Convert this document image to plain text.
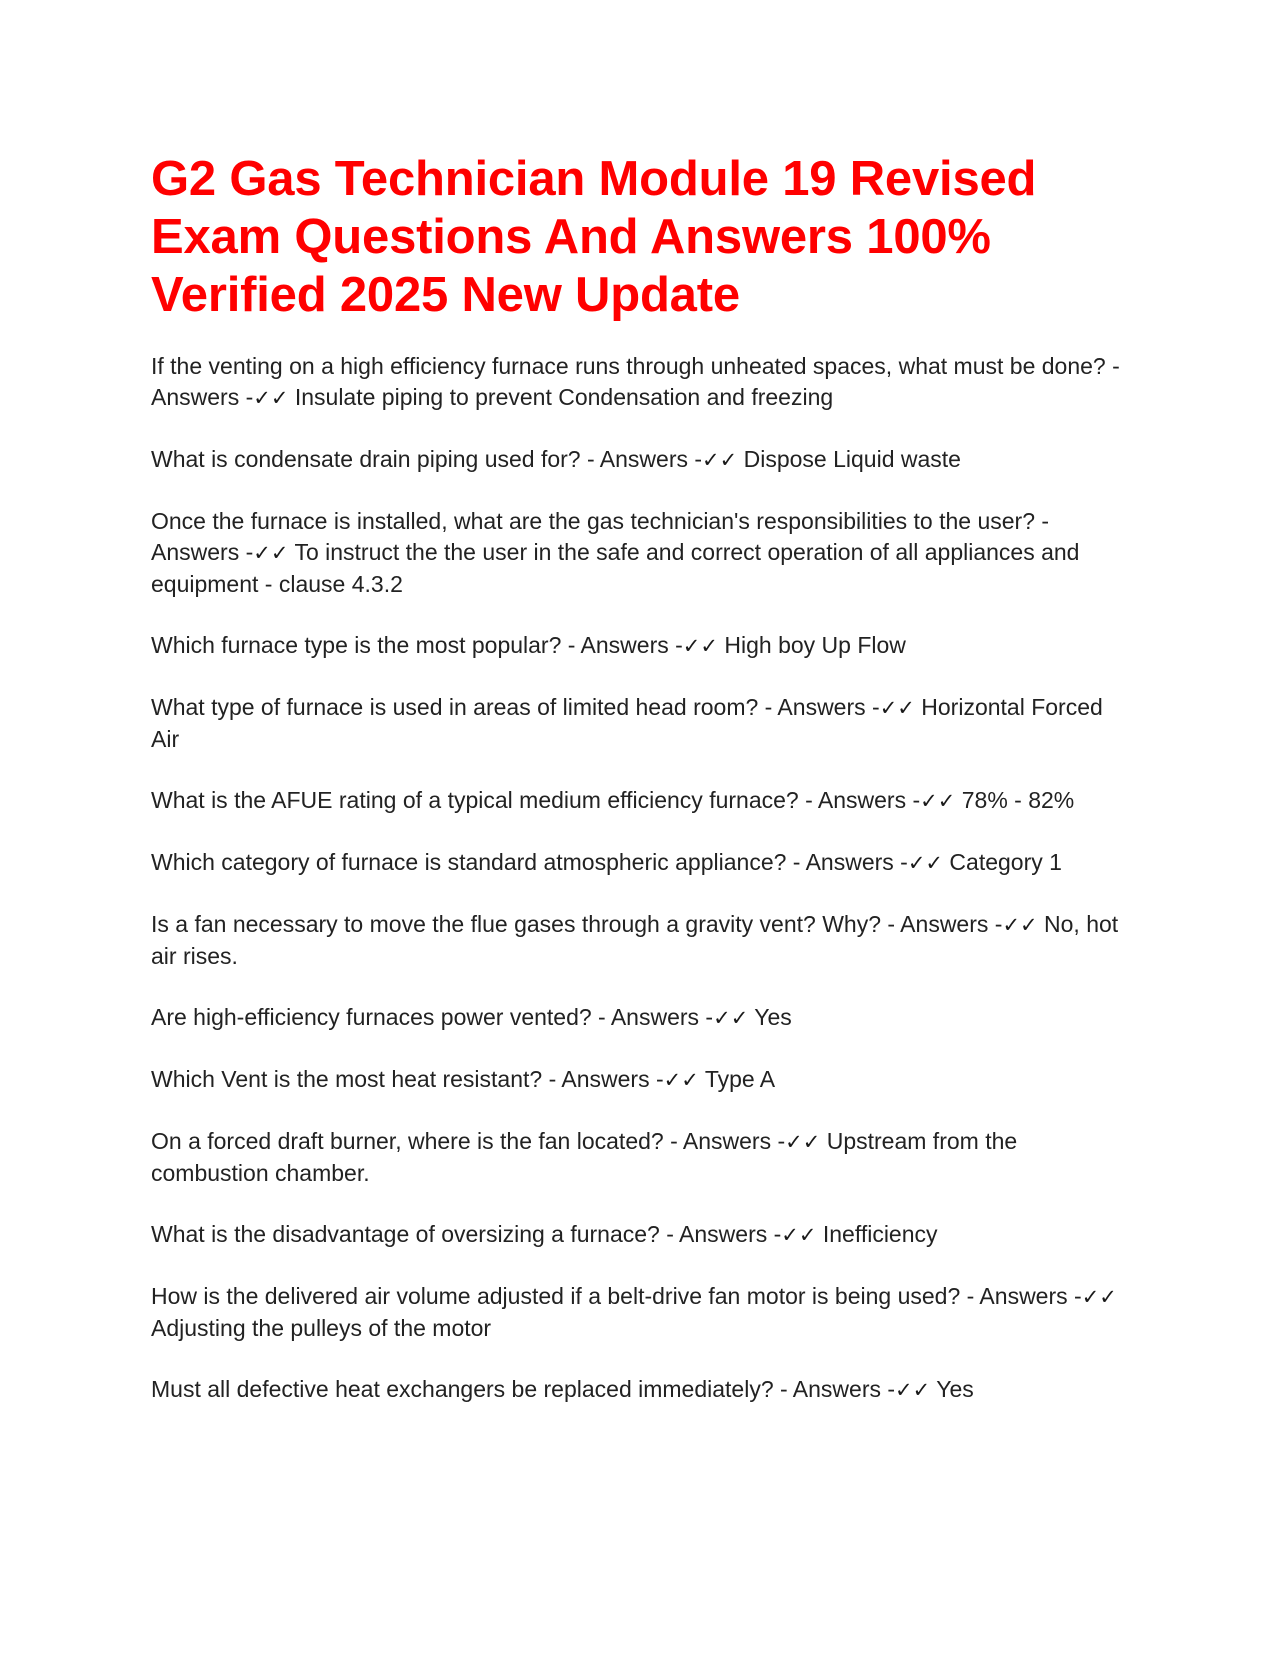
G2 Gas Technician Module 19 Revised Exam Questions And Answers 100% Verified 2025 New Update

If the venting on a high efficiency furnace runs through unheated spaces, what must be done? - Answers -✓✓ Insulate piping to prevent Condensation and freezing

What is condensate drain piping used for? - Answers -✓✓ Dispose Liquid waste

Once the furnace is installed, what are the gas technician's responsibilities to the user? - Answers -✓✓ To instruct the the user in the safe and correct operation of all appliances and equipment - clause 4.3.2

Which furnace type is the most popular? - Answers -✓✓ High boy Up Flow

What type of furnace is used in areas of limited head room? - Answers -✓✓ Horizontal Forced Air

What is the AFUE rating of a typical medium efficiency furnace? - Answers -✓✓ 78% - 82%

Which category of furnace is standard atmospheric appliance? - Answers -✓✓ Category 1

Is a fan necessary to move the flue gases through a gravity vent? Why? - Answers -✓✓ No, hot air rises.

Are high-efficiency furnaces power vented? - Answers -✓✓ Yes

Which Vent is the most heat resistant? - Answers -✓✓ Type A

On a forced draft burner, where is the fan located? - Answers -✓✓ Upstream from the combustion chamber.

What is the disadvantage of oversizing a furnace? - Answers -✓✓ Inefficiency

How is the delivered air volume adjusted if a belt-drive fan motor is being used? - Answers -✓✓ Adjusting the pulleys of the motor

Must all defective heat exchangers be replaced immediately? - Answers -✓✓ Yes
